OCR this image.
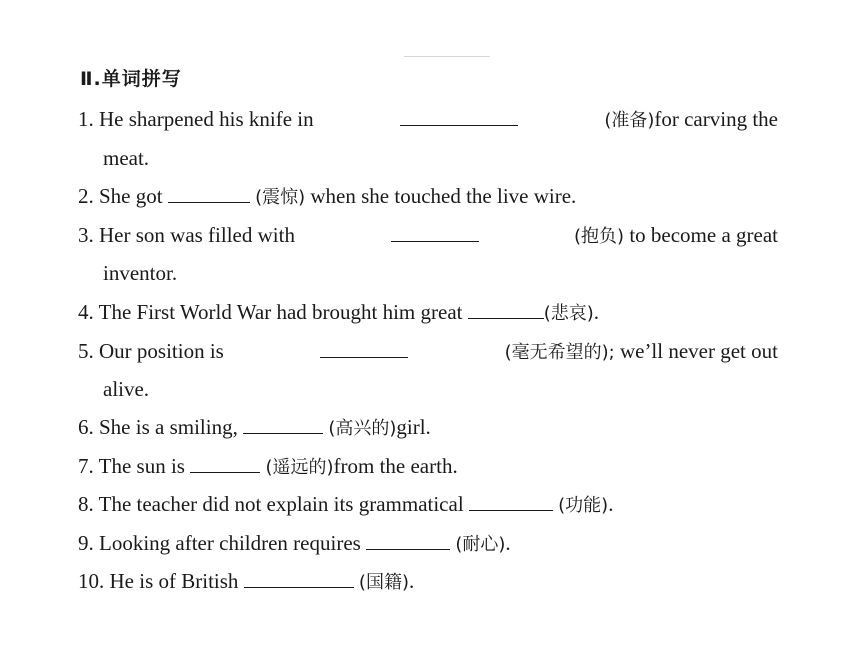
Ⅱ.单词拼写
1. He sharpened his knife in	(准备)for carving the
meat.
2. She got	(震惊) when she touched the live wire.
3. Her son was filled with	(抱负) to become a great
inventor.
4. The First World War had brought him great	(悲哀).
5. Our position is	(毫无希望的); we’ll never get out
alive.
6. She is a smiling,	(高兴的)girl.
7. The sun is	(遥远的)from the earth.
8. The teacher did not explain its grammatical	(功能).
9. Looking after children requires	(耐心).
10. He is of British	(国籍).
